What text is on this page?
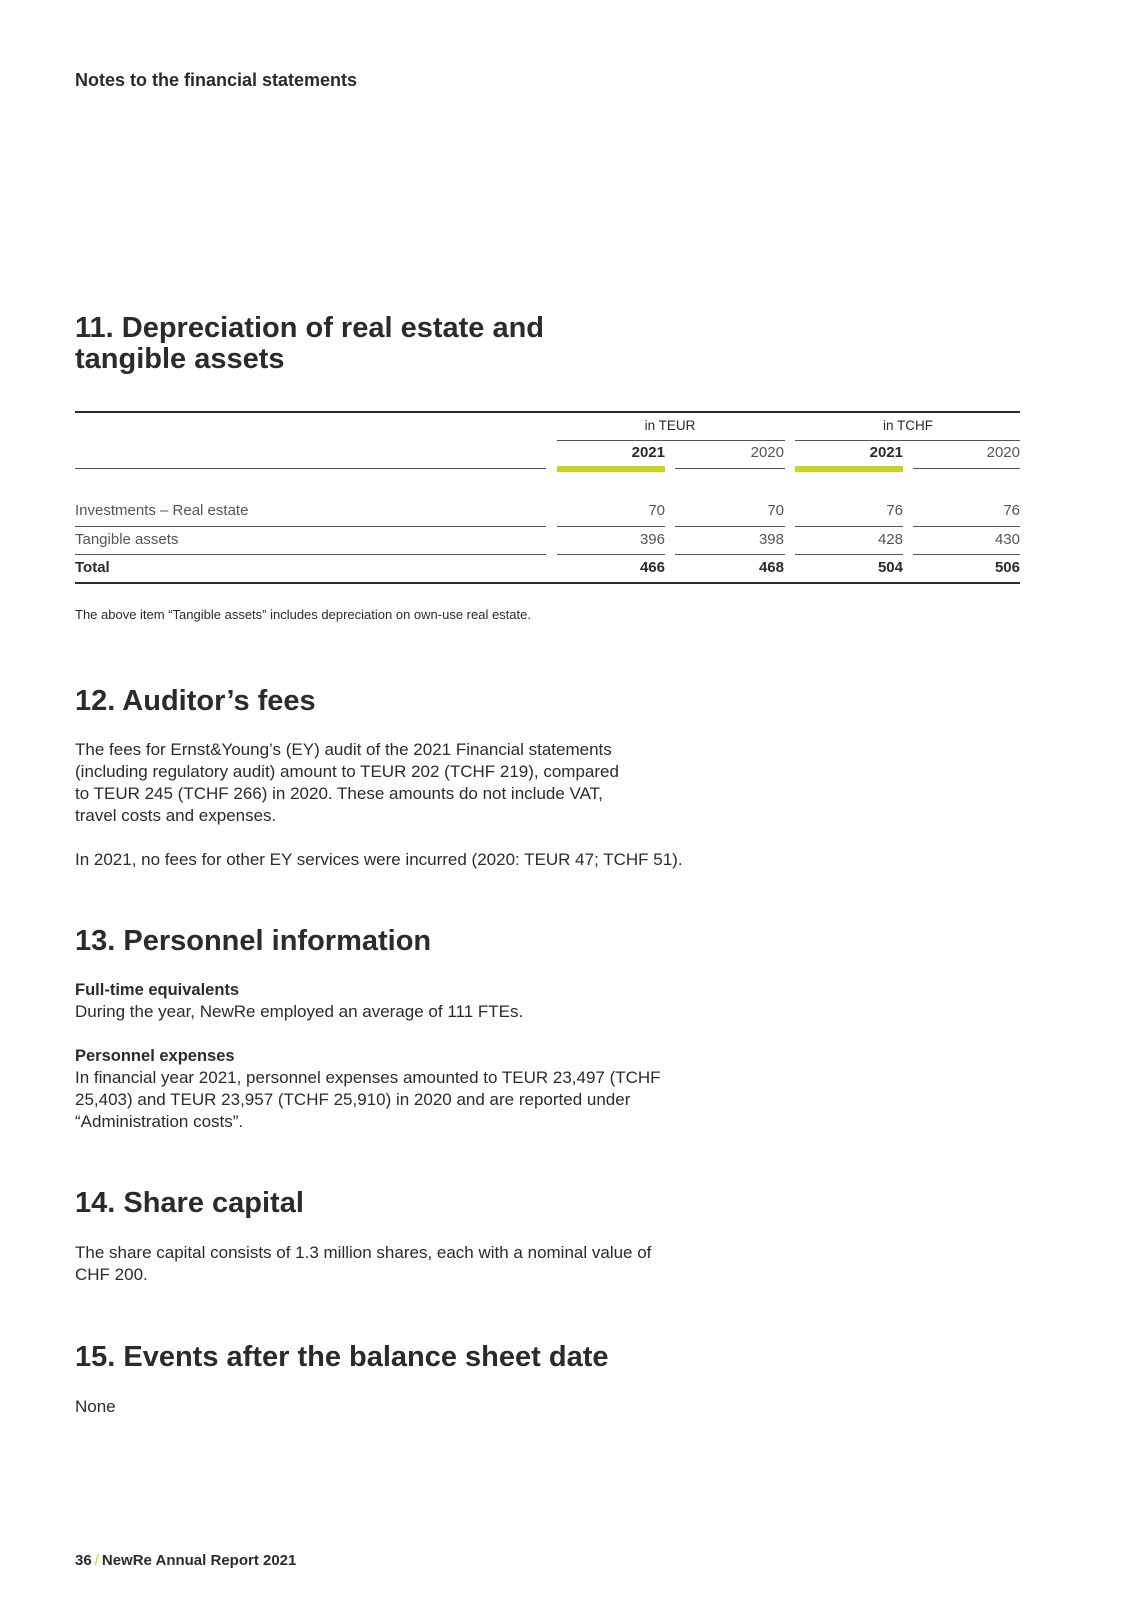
Notes to the financial statements
11. Depreciation of real estate and
tangible assets
in TEUR	in TCHF
2021	2020	2021	2020
Investments – Real estate	70	70	76	76
Tangible assets	396	398	428	430
Total	466	468	504	506
The above item “Tangible assets” includes depreciation on own-use real estate.
12. Auditor’s fees

The fees for Ernst&Young’s (EY) audit of the 2021 Financial statements
(including regulatory audit) amount to TEUR 202 (TCHF 219), compared
to TEUR 245 (TCHF 266) in 2020. These amounts do not include VAT,
travel costs and expenses.

In 2021, no fees for other EY services were incurred (2020: TEUR 47; TCHF 51).

13. Personnel information
Full-time equivalents

During the year, NewRe employed an average of 111 FTEs.

Personnel expenses

In financial year 2021, personnel expenses amounted to TEUR 23,497 (TCHF
25,403) and TEUR 23,957 (TCHF 25,910) in 2020 and are reported under
“Administration costs”.

14. Share capital

The share capital consists of 1.3 million shares, each with a nominal value of
CHF 200.

15. Events after the balance sheet date

None

36 / NewRe Annual Report 2021
